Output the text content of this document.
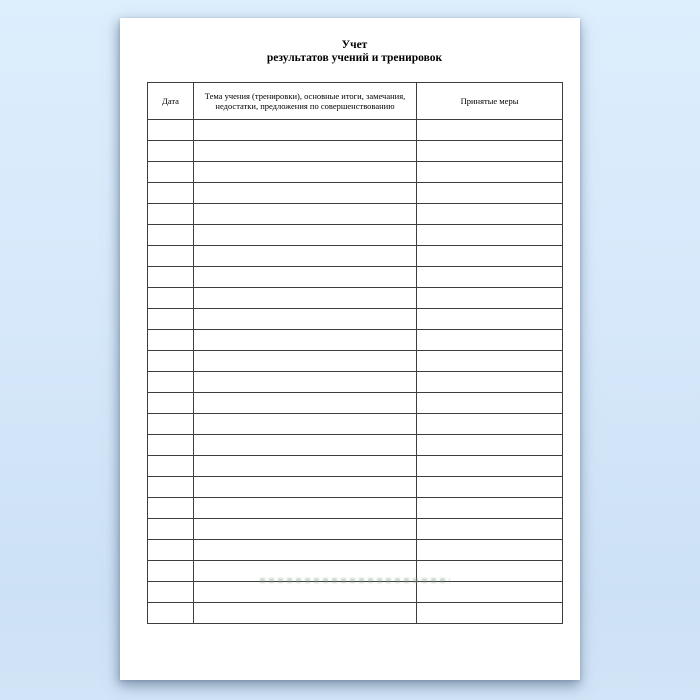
Учет
результатов учений и тренировок
Дата	Тема учения (тренировки), основные итоги, замечания, недостатки, предложения по совершенствованию	Принятые меры
